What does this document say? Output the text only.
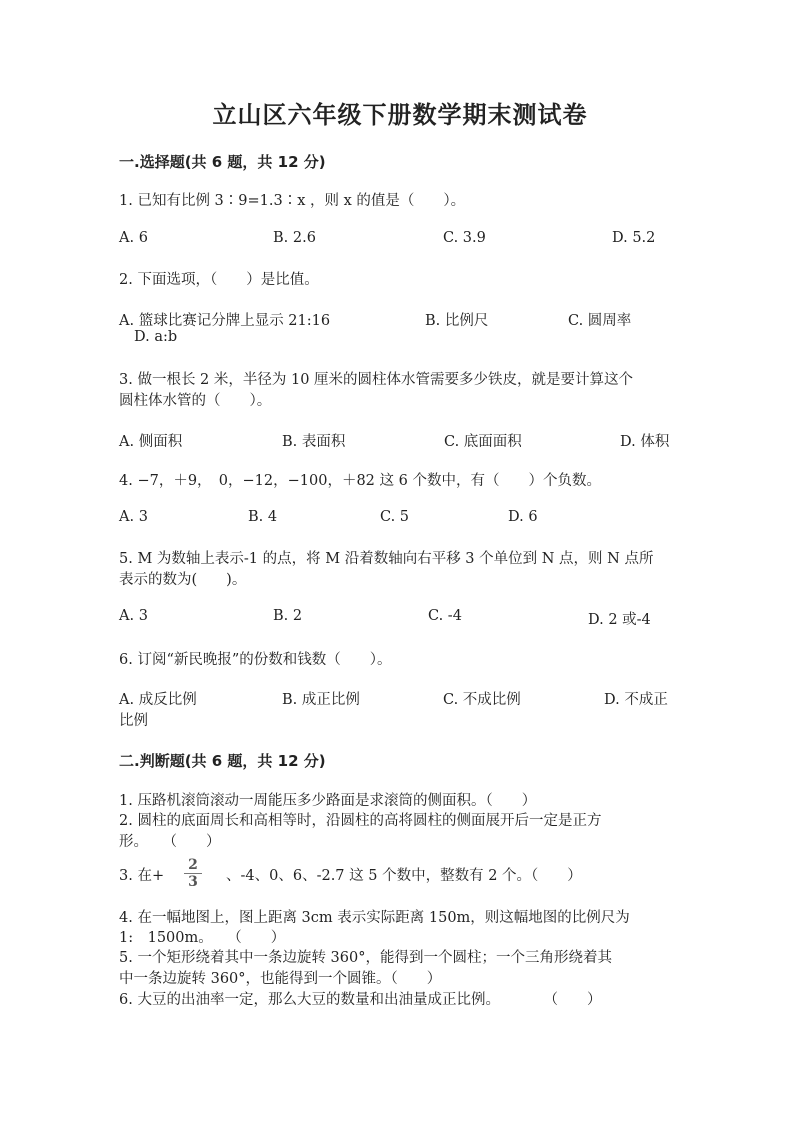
立山区六年级下册数学期末测试卷
一.选择题(共 6 题，共 12 分)
1. 已知有比例 3∶9=1.3∶x ，则 x 的值是（　　）。
A. 6	B. 2.6	C. 3.9	D. 5.2
2. 下面选项，（　　）是比值。
A. 篮球比赛记分牌上显示 21:16	B. 比例尺	C. 圆周率
D. a:b
3. 做一根长 2 米，半径为 10 厘米的圆柱体水管需要多少铁皮，就是要计算这个
圆柱体水管的（　　）。
A. 侧面积	B. 表面积	C. 底面面积	D. 体积
4. −7，＋9，　0，−12，−100，＋82 这 6 个数中，有（　　）个负数。
A. 3	B. 4	C. 5	D. 6
5. M 为数轴上表示-1 的点，将 M 沿着数轴向右平移 3 个单位到 N 点，则 N 点所
表示的数为(　　)。
A. 3	B. 2	C. -4	D. 2 或-4
6. 订阅“新民晚报”的份数和钱数（　　）。
A. 成反比例	B. 成正比例	C. 不成比例	D. 不成正
比例
二.判断题(共 6 题，共 12 分)
1. 压路机滚筒滚动一周能压多少路面是求滚筒的侧面积。（　　）
2. 圆柱的底面周长和高相等时，沿圆柱的高将圆柱的侧面展开后一定是正方
形。　　（　　）
3. 在+ $\frac{2}{3}$ 、-4、0、6、-2.7 这 5 个数中，整数有 2 个。（　　）
4. 在一幅地图上，图上距离 3cm 表示实际距离 150m，则这幅地图的比例尺为
1:　1500m。　　（　　）
5. 一个矩形绕着其中一条边旋转 360°，能得到一个圆柱；一个三角形绕着其
中一条边旋转 360°，也能得到一个圆锥。（　　）
6. 大豆的出油率一定，那么大豆的数量和出油量成正比例。　　　　（　　）
